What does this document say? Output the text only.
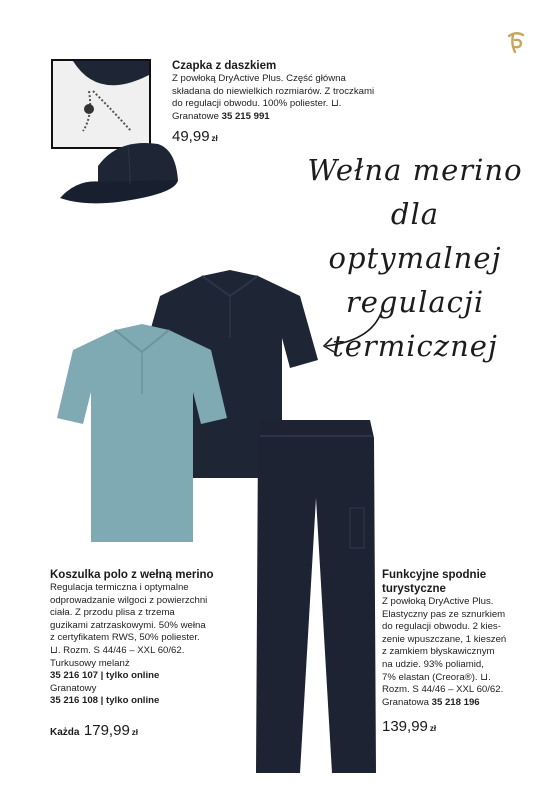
Czapka z daszkiem
Z powłoką DryActive Plus. Część główna
składana do niewielkich rozmiarów. Z troczkami
do regulacji obwodu. 100% poliester. ⊔.
Granatowe 35 215 991
49,99 zł
Wełna merino
dla optymalnej
regulacji
termicznej
Koszulka polo z wełną merino
Regulacja termiczna i optymalne
odprowadzanie wilgoci z powierzchni
ciała. Z przodu plisa z trzema
guzikami zatrzaskowymi. 50% wełna
z certyfikatem RWS, 50% poliester.
⊔. Rozm. S 44/46 – XXL 60/62.
Turkusowy melanż
35 216 107 | tylko online
Granatowy
35 216 108 | tylko online
Każda 179,99 zł
Funkcyjne spodnie
turystyczne
Z powłoką DryActive Plus.
Elastyczny pas ze sznurkiem
do regulacji obwodu. 2 kies-
zenie wpuszczane, 1 kieszeń
z zamkiem błyskawicznym
na udzie. 93% poliamid,
7% elastan (Creora®). ⊔.
Rozm. S 44/46 – XXL 60/62.
Granatowa 35 218 196
139,99 zł
